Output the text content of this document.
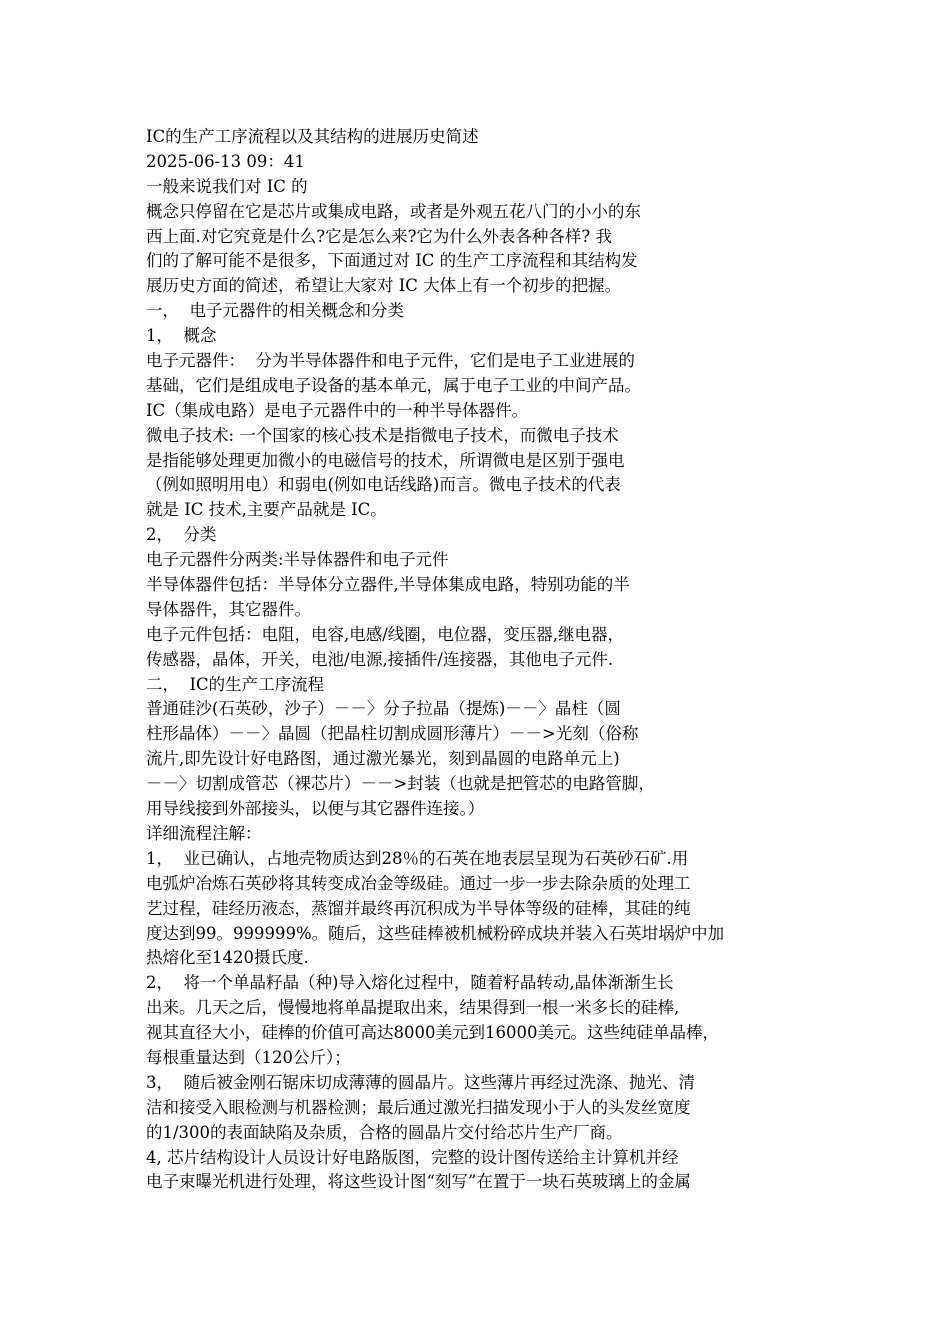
IC的生产工序流程以及其结构的进展历史简述
2025-06-13 09：41
一般来说我们对 IC 的
概念只停留在它是芯片或集成电路，或者是外观五花八门的小小的东
西上面.对它究竟是什么?它是怎么来?它为什么外表各种各样? 我
们的了解可能不是很多，下面通过对 IC 的生产工序流程和其结构发
展历史方面的简述，希望让大家对 IC 大体上有一个初步的把握。
一，  电子元器件的相关概念和分类
1，  概念
电子元器件：  分为半导体器件和电子元件，它们是电子工业进展的
基础，它们是组成电子设备的基本单元，属于电子工业的中间产品。
IC（集成电路）是电子元器件中的一种半导体器件。
微电子技术: 一个国家的核心技术是指微电子技术，而微电子技术
是指能够处理更加微小的电磁信号的技术，所谓微电是区别于强电
（例如照明用电）和弱电(例如电话线路)而言。微电子技术的代表
就是 IC 技术,主要产品就是 IC。
2，  分类
电子元器件分两类:半导体器件和电子元件
半导体器件包括：半导体分立器件,半导体集成电路，特别功能的半
导体器件，其它器件。
电子元件包括：电阻，电容,电感/线圈，电位器，变压器,继电器，
传感器，晶体，开关，电池/电源,接插件/连接器，其他电子元件.
二，  IC的生产工序流程
普通硅沙(石英砂，沙子）－－〉分子拉晶（提炼)－－〉晶柱（圆
柱形晶体）－－〉晶圆（把晶柱切割成圆形薄片）－－>光刻（俗称
流片,即先设计好电路图，通过激光暴光，刻到晶圆的电路单元上)
－－〉切割成管芯（裸芯片）－－>封装（也就是把管芯的电路管脚，
用导线接到外部接头，以便与其它器件连接。）
详细流程注解：
1，  业已确认，占地壳物质达到28％的石英在地表层呈现为石英砂石矿.用
电弧炉冶炼石英砂将其转变成冶金等级硅。通过一步一步去除杂质的处理工
艺过程，硅经历液态，蒸馏并最终再沉积成为半导体等级的硅棒，其硅的纯
度达到99。999999%。随后，这些硅棒被机械粉碎成块并装入石英坩埚炉中加
热熔化至1420摄氏度.
2，  将一个单晶籽晶（种)导入熔化过程中，随着籽晶转动,晶体渐渐生长
出来。几天之后，慢慢地将单晶提取出来，结果得到一根一米多长的硅棒,
视其直径大小，硅棒的价值可高达8000美元到16000美元。这些纯硅单晶棒，
每根重量达到（120公斤）；
3，  随后被金刚石锯床切成薄薄的圆晶片。这些薄片再经过洗涤、抛光、清
洁和接受入眼检测与机器检测；最后通过激光扫描发现小于人的头发丝宽度
的1/300的表面缺陷及杂质，合格的圆晶片交付给芯片生产厂商。
4, 芯片结构设计人员设计好电路版图，完整的设计图传送给主计算机并经
电子束曝光机进行处理，将这些设计图“刻写”在置于一块石英玻璃上的金属
